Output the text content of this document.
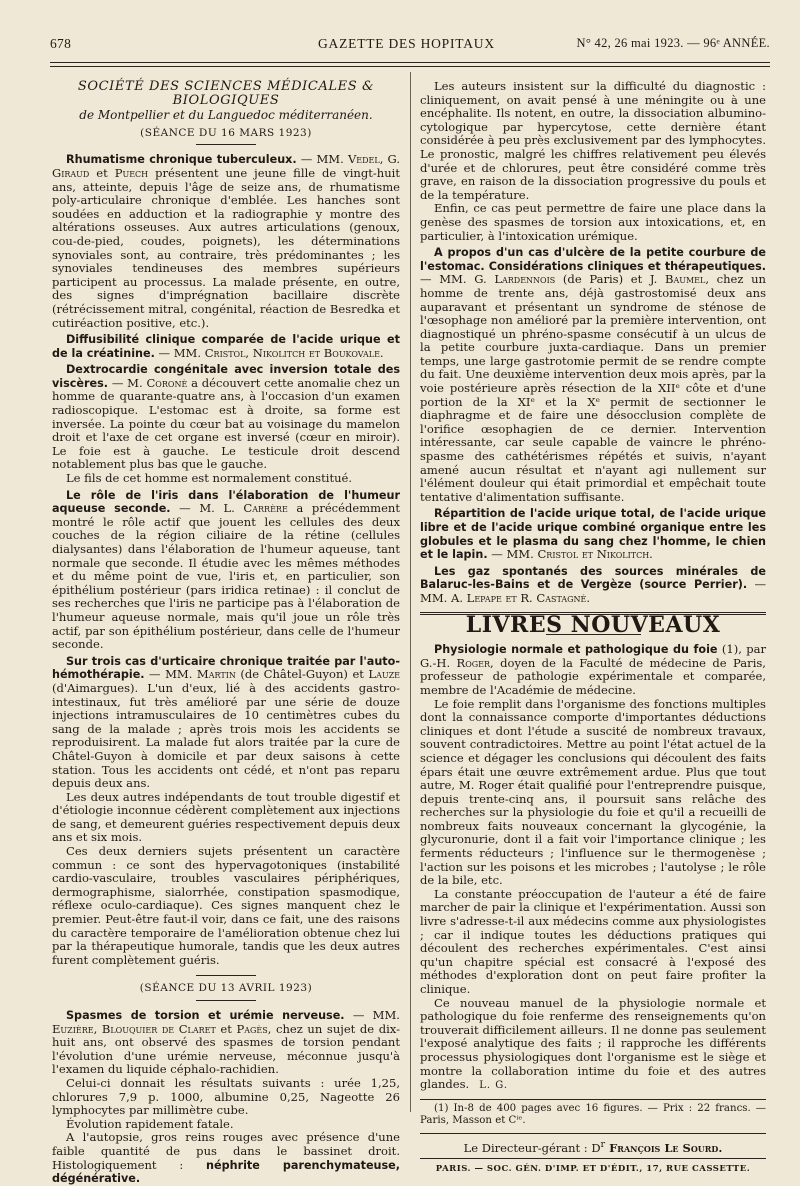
678	GAZETTE DES HOPITAUX	N° 42, 26 mai 1923. — 96ᵉ ANNÉE.
SOCIÉTÉ DES SCIENCES MÉDICALES & BIOLOGIQUES
de Montpellier et du Languedoc méditerranéen.
(SÉANCE DU 16 MARS 1923)

Rhumatisme chronique tuberculeux. — MM. Vedel, G. Giraud et Puech présentent une jeune fille de vingt-huit ans, atteinte, depuis l'âge de seize ans, de rhumatisme poly-articulaire chronique d'emblée. Les hanches sont soudées en adduction et la radiographie y montre des altérations osseuses. Aux autres articulations (genoux, cou-de-pied, coudes, poignets), les déterminations synoviales sont, au contraire, très prédominantes ; les synoviales tendineuses des membres supérieurs participent au processus. La malade présente, en outre, des signes d'imprégnation bacillaire discrète (rétrécissement mitral, congénital, réaction de Besredka et cutiréaction positive, etc.).

Diffusibilité clinique comparée de l'acide urique et de la créatinine. — MM. Cristol, Nikolitch et Boukovale.

Dextrocardie congénitale avec inversion totale des viscères. — M. Coronè a découvert cette anomalie chez un homme de quarante-quatre ans, à l'occasion d'un examen radioscopique. L'estomac est à droite, sa forme est inversée. La pointe du cœur bat au voisinage du mamelon droit et l'axe de cet organe est inversé (cœur en miroir). Le foie est à gauche. Le testicule droit descend notablement plus bas que le gauche.

Le fils de cet homme est normalement constitué.

Le rôle de l'iris dans l'élaboration de l'humeur aqueuse seconde. — M. L. Carrère a précédemment montré le rôle actif que jouent les cellules des deux couches de la région ciliaire de la rétine (cellules dialysantes) dans l'élaboration de l'humeur aqueuse, tant normale que seconde. Il étudie avec les mêmes méthodes et du même point de vue, l'iris et, en particulier, son épithélium postérieur (pars iridica retinae) : il conclut de ses recherches que l'iris ne participe pas à l'élaboration de l'humeur aqueuse normale, mais qu'il joue un rôle très actif, par son épithélium postérieur, dans celle de l'humeur seconde.

Sur trois cas d'urticaire chronique traitée par l'auto-hémothérapie. — MM. Martin (de Châtel-Guyon) et Lauze (d'Aimargues). L'un d'eux, lié à des accidents gastro-intestinaux, fut très amélioré par une série de douze injections intramusculaires de 10 centimètres cubes du sang de la malade ; après trois mois les accidents se reproduisirent. La malade fut alors traitée par la cure de Châtel-Guyon à domicile et par deux saisons à cette station. Tous les accidents ont cédé, et n'ont pas reparu depuis deux ans.

Les deux autres indépendants de tout trouble digestif et d'étiologie inconnue cédèrent complètement aux injections de sang, et demeurent guéries respectivement depuis deux ans et six mois.

Ces deux derniers sujets présentent un caractère commun : ce sont des hypervagotoniques (instabilité cardio-vasculaire, troubles vasculaires périphériques, dermographisme, sialorrhée, constipation spasmodique, réflexe oculo-cardiaque). Ces signes manquent chez le premier. Peut-être faut-il voir, dans ce fait, une des raisons du caractère temporaire de l'amélioration obtenue chez lui par la thérapeutique humorale, tandis que les deux autres furent complètement guéris.

(SÉANCE DU 13 AVRIL 1923)

Spasmes de torsion et urémie nerveuse. — MM. Euzière, Blouquier de Claret et Pagès, chez un sujet de dix-huit ans, ont observé des spasmes de torsion pendant l'évolution d'une urémie nerveuse, méconnue jusqu'à l'examen du liquide céphalo-rachidien.

Celui-ci donnait les résultats suivants : urée 1,25, chlorures 7,9 p. 1000, albumine 0,25, Nageotte 26 lymphocytes par millimètre cube.

Évolution rapidement fatale.

A l'autopsie, gros reins rouges avec présence d'une faible quantité de pus dans le bassinet droit. Histologiquement : néphrite parenchymateuse, dégénérative.

Les auteurs insistent sur la difficulté du diagnostic : cliniquement, on avait pensé à une méningite ou à une encéphalite. Ils notent, en outre, la dissociation albumino-cytologique par hypercytose, cette dernière étant considérée à peu près exclusivement par des lymphocytes. Le pronostic, malgré les chiffres relativement peu élevés d'urée et de chlorures, peut être considéré comme très grave, en raison de la dissociation progressive du pouls et de la température.

Enfin, ce cas peut permettre de faire une place dans la genèse des spasmes de torsion aux intoxications, et, en particulier, à l'intoxication urémique.

A propos d'un cas d'ulcère de la petite courbure de l'estomac. Considérations cliniques et thérapeutiques. — MM. G. Lardennois (de Paris) et J. Baumel, chez un homme de trente ans, déjà gastrostomisé deux ans auparavant et présentant un syndrome de sténose de l'œsophage non amélioré par la première intervention, ont diagnostiqué un phréno-spasme consécutif à un ulcus de la petite courbure juxta-cardiaque. Dans un premier temps, une large gastrotomie permit de se rendre compte du fait. Une deuxième intervention deux mois après, par la voie postérieure après résection de la XIIᵉ côte et d'une portion de la XIᵉ et la Xᵉ permit de sectionner le diaphragme et de faire une désocclusion complète de l'orifice œsophagien de ce dernier. Intervention intéressante, car seule capable de vaincre le phréno-spasme des cathétérismes répétés et suivis, n'ayant amené aucun résultat et n'ayant agi nullement sur l'élément douleur qui était primordial et empêchait toute tentative d'alimentation suffisante.

Répartition de l'acide urique total, de l'acide urique libre et de l'acide urique combiné organique entre les globules et le plasma du sang chez l'homme, le chien et le lapin. — MM. Cristol et Nikolitch.

Les gaz spontanés des sources minérales de Balaruc-les-Bains et de Vergèze (source Perrier). — MM. A. Lepape et R. Castagné.

LIVRES NOUVEAUX

Physiologie normale et pathologique du foie (1), par G.-H. Roger, doyen de la Faculté de médecine de Paris, professeur de pathologie expérimentale et comparée, membre de l'Académie de médecine.

Le foie remplit dans l'organisme des fonctions multiples dont la connaissance comporte d'importantes déductions cliniques et dont l'étude a suscité de nombreux travaux, souvent contradictoires. Mettre au point l'état actuel de la science et dégager les conclusions qui découlent des faits épars était une œuvre extrêmement ardue. Plus que tout autre, M. Roger était qualifié pour l'entreprendre puisque, depuis trente-cinq ans, il poursuit sans relâche des recherches sur la physiologie du foie et qu'il a recueilli de nombreux faits nouveaux concernant la glycogénie, la glycuronurie, dont il a fait voir l'importance clinique ; les ferments réducteurs ; l'influence sur le thermogenèse ; l'action sur les poisons et les microbes ; l'autolyse ; le rôle de la bile, etc.

La constante préoccupation de l'auteur a été de faire marcher de pair la clinique et l'expérimentation. Aussi son livre s'adresse-t-il aux médecins comme aux physiologistes ; car il indique toutes les déductions pratiques qui découlent des recherches expérimentales. C'est ainsi qu'un chapitre spécial est consacré à l'exposé des méthodes d'exploration dont on peut faire profiter la clinique.

Ce nouveau manuel de la physiologie normale et pathologique du foie renferme des renseignements qu'on trouverait difficilement ailleurs. Il ne donne pas seulement l'exposé analytique des faits ; il rapproche les différents processus physiologiques dont l'organisme est le siège et montre la collaboration intime du foie et des autres glandes. L. G.

(1) In-8 de 400 pages avec 16 figures. — Prix : 22 francs. — Paris, Masson et Cⁱᵉ.

Le Directeur-gérant : $D^r$ François Le Sourd.
PARIS. — SOC. GÉN. D'IMP. ET D'ÉDIT., 17, RUE CASSETTE.
